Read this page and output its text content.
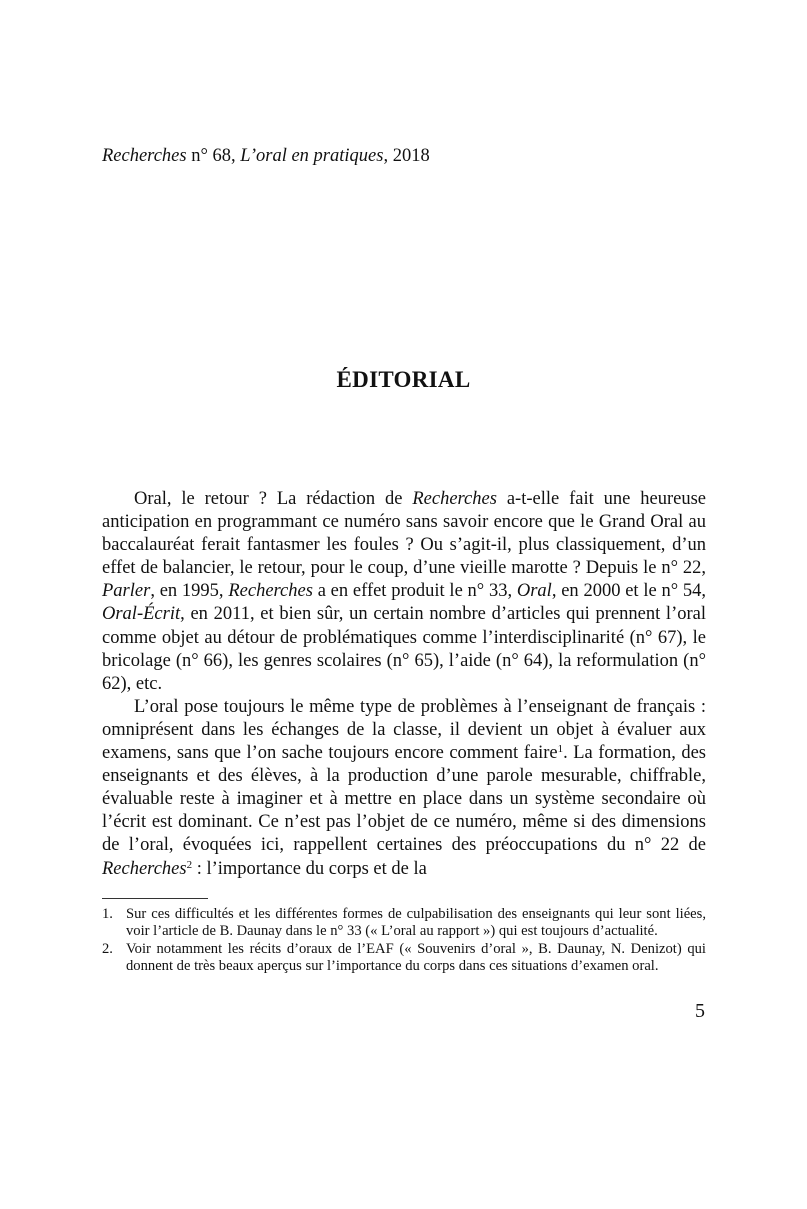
Recherches n° 68, L’oral en pratiques, 2018
ÉDITORIAL

Oral, le retour ? La rédaction de Recherches a-t-elle fait une heureuse anticipation en programmant ce numéro sans savoir encore que le Grand Oral au baccalauréat ferait fantasmer les foules ? Ou s’agit-il, plus classiquement, d’un effet de balancier, le retour, pour le coup, d’une vieille marotte ? Depuis le n° 22, Parler, en 1995, Recherches a en effet produit le n° 33, Oral, en 2000 et le n° 54, Oral-Écrit, en 2011, et bien sûr, un certain nombre d’articles qui prennent l’oral comme objet au détour de problématiques comme l’interdisciplinarité (n° 67), le bricolage (n° 66), les genres scolaires (n° 65), l’aide (n° 64), la reformulation (n° 62), etc.

L’oral pose toujours le même type de problèmes à l’enseignant de français : omniprésent dans les échanges de la classe, il devient un objet à évaluer aux examens, sans que l’on sache toujours encore comment faire$^1$. La formation, des enseignants et des élèves, à la production d’une parole mesurable, chiffrable, évaluable reste à imaginer et à mettre en place dans un système secondaire où l’écrit est dominant. Ce n’est pas l’objet de ce numéro, même si des dimensions de l’oral, évoquées ici, rappellent certaines des préoccupations du n° 22 de Recherches$^2$ : l’importance du corps et de la

1. Sur ces difficultés et les différentes formes de culpabilisation des enseignants qui leur sont liées, voir l’article de B. Daunay dans le n° 33 (« L’oral au rapport ») qui est toujours d’actualité.
2. Voir notamment les récits d’oraux de l’EAF (« Souvenirs d’oral », B. Daunay, N. Denizot) qui donnent de très beaux aperçus sur l’importance du corps dans ces situations d’examen oral.
5
